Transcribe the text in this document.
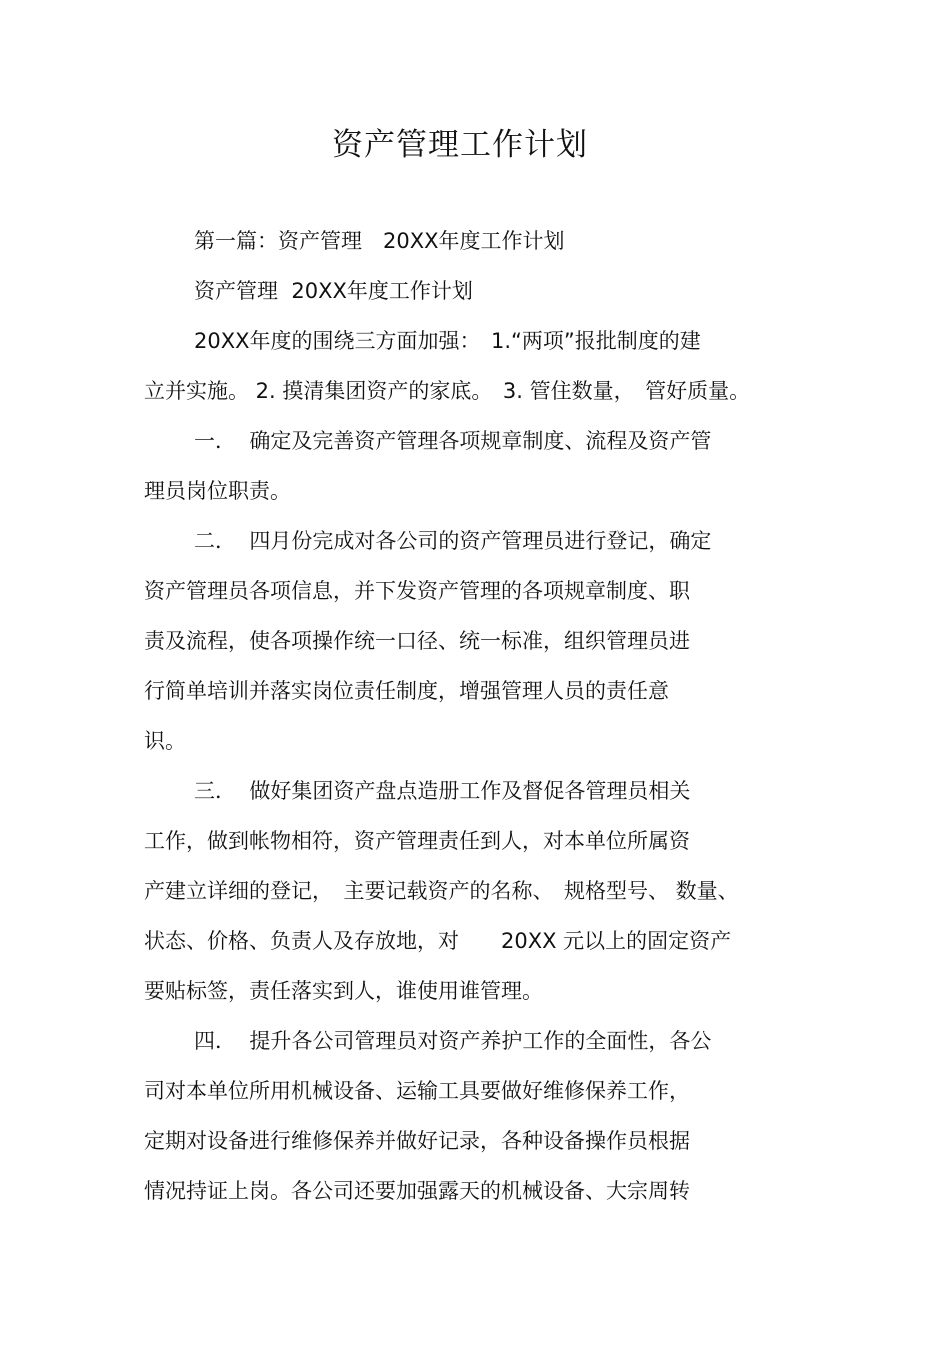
资产管理工作计划
第一篇：资产管理　20XX年度工作计划
资产管理  20XX年度工作计划
20XX年度的围绕三方面加强：　1.“两项”报批制度的建
立并实施。 2. 摸清集团资产的家底。　3. 管住数量，　管好质量。
一．  确定及完善资产管理各项规章制度、流程及资产管
理员岗位职责。
二．  四月份完成对各公司的资产管理员进行登记，确定
资产管理员各项信息，并下发资产管理的各项规章制度、职
责及流程，使各项操作统一口径、统一标准，组织管理员进
行简单培训并落实岗位责任制度，增强管理人员的责任意
识。
三．  做好集团资产盘点造册工作及督促各管理员相关
工作，做到帐物相符，资产管理责任到人，对本单位所属资
产建立详细的登记，　主要记载资产的名称、　规格型号、 数量、
状态、价格、负责人及存放地，对　　20XX 元以上的固定资产
要贴标签，责任落实到人，谁使用谁管理。
四．  提升各公司管理员对资产养护工作的全面性，各公
司对本单位所用机械设备、运输工具要做好维修保养工作，
定期对设备进行维修保养并做好记录，各种设备操作员根据
情况持证上岗。各公司还要加强露天的机械设备、大宗周转
